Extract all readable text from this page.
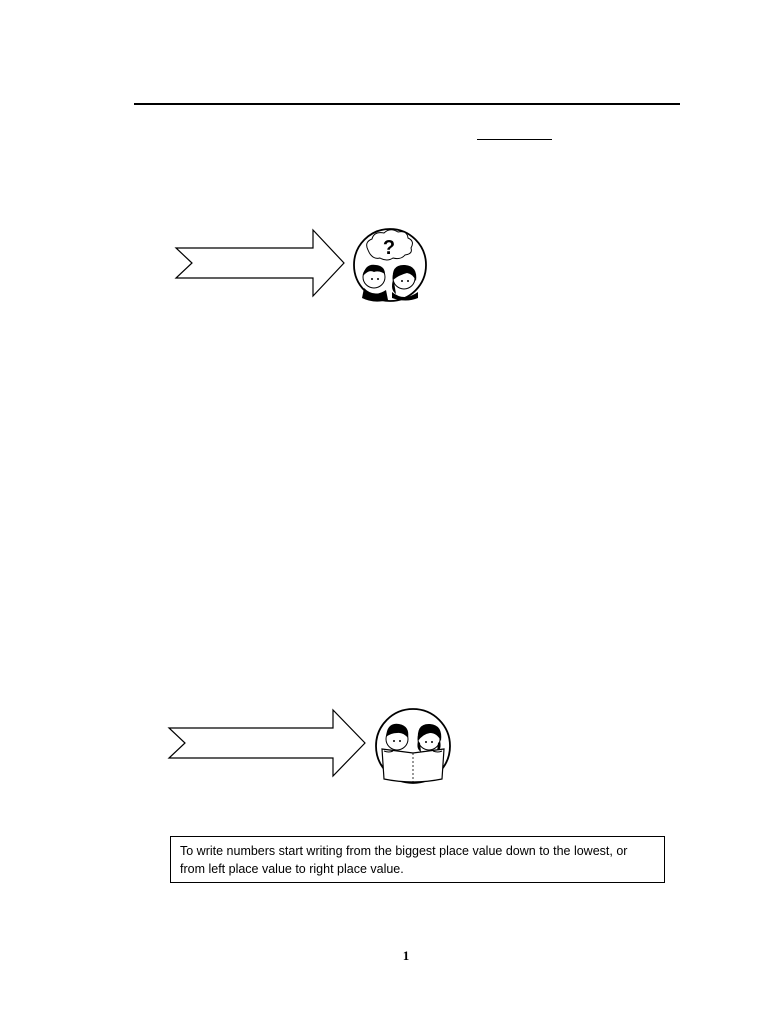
?
To write numbers start writing from the biggest place value down to the lowest, or from left place value to right place value.
1
